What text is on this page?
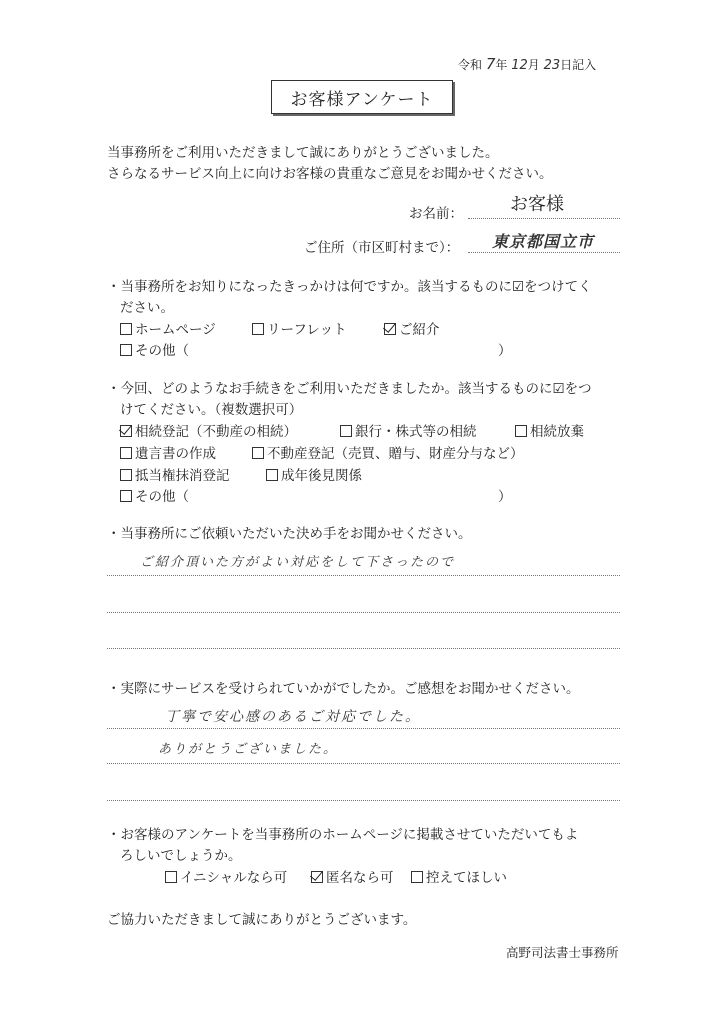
令和 7年 12月 23日記入
お客様アンケート
当事務所をご利用いただきまして誠にありがとうございました。
さらなるサービス向上に向けお客様の貴重なご意見をお聞かせください。
お名前：	お客様
ご住所（市区町村まで）： 東京都国立市
・当事務所をお知りになったきっかけは何ですか。該当するものに☑をつけてく
ださい。
ホームページ	リーフレット	ご紹介
その他（	）
・今回、どのようなお手続きをご利用いただきましたか。該当するものに☑をつ
けてください。（複数選択可）
相続登記（不動産の相続）	銀行・株式等の相続	相続放棄
遺言書の作成	不動産登記（売買、贈与、財産分与など）
抵当権抹消登記	成年後見関係
その他（	）
・当事務所にご依頼いただいた決め手をお聞かせください。
ご紹介頂いた方がよい対応をして下さったので
・実際にサービスを受けられていかがでしたか。ご感想をお聞かせください。
丁寧で安心感のあるご対応でした。
ありがとうございました。
・お客様のアンケートを当事務所のホームページに掲載させていただいてもよ
ろしいでしょうか。
イニシャルなら可	匿名なら可	控えてほしい
ご協力いただきまして誠にありがとうございます。
高野司法書士事務所
